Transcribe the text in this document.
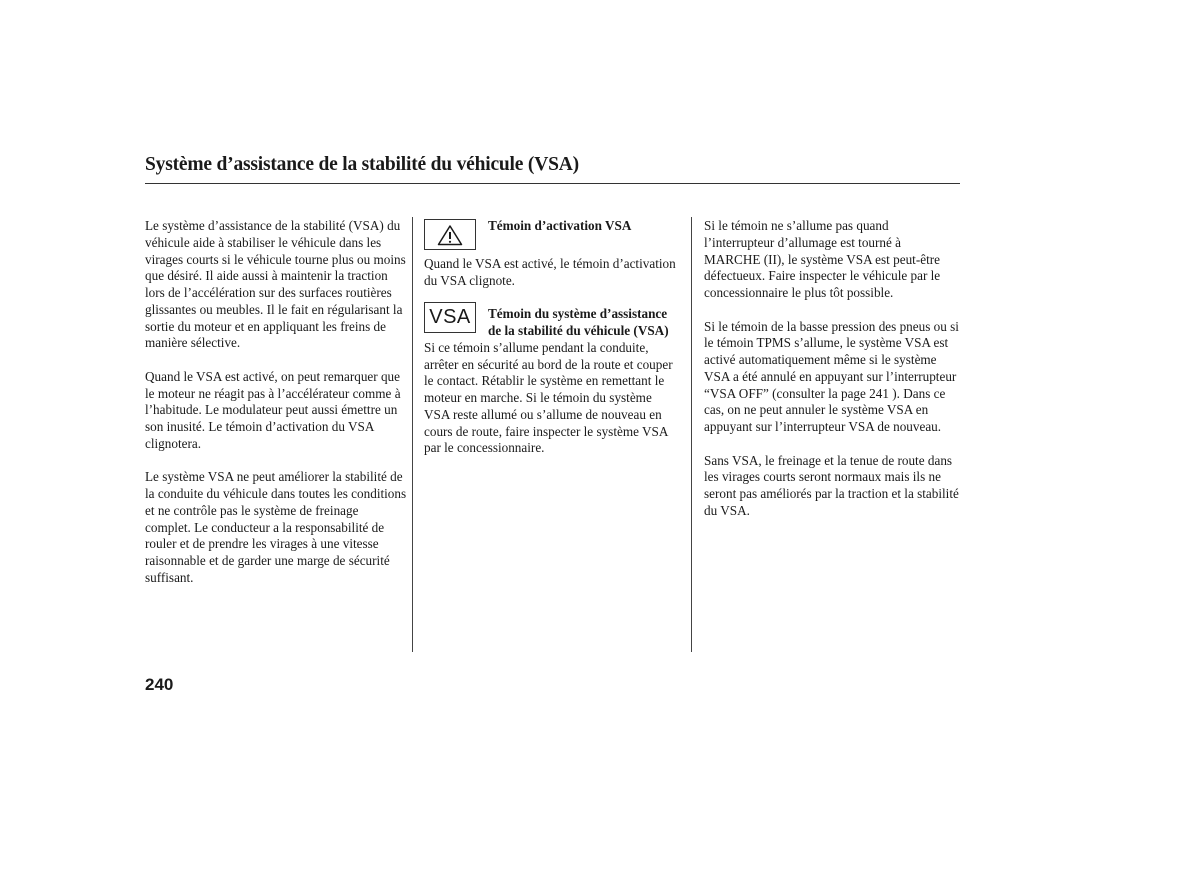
Système d’assistance de la stabilité du véhicule (VSA)

Le système d’assistance de la stabilité (VSA) du véhicule aide à stabiliser le véhicule dans les virages courts si le véhicule tourne plus ou moins que désiré. Il aide aussi à maintenir la traction lors de l’accélération sur des surfaces routières glissantes ou meubles. Il le fait en régularisant la sortie du moteur et en appliquant les freins de manière sélective.

Quand le VSA est activé, on peut remarquer que le moteur ne réagit pas à l’accélérateur comme à l’habitude. Le modulateur peut aussi émettre un son inusité. Le témoin d’activation du VSA clignotera.

Le système VSA ne peut améliorer la stabilité de la conduite du véhicule dans toutes les conditions et ne contrôle pas le système de freinage complet. Le conducteur a la responsabilité de rouler et de prendre les virages à une vitesse raisonnable et de garder une marge de sécurité suffisant.

Témoin d’activation VSA

Quand le VSA est activé, le témoin d’activation du VSA clignote.

VSA Témoin du système d’assistance de la stabilité du véhicule (VSA)

Si ce témoin s’allume pendant la conduite, arrêter en sécurité au bord de la route et couper le contact. Rétablir le système en remettant le moteur en marche. Si le témoin du système VSA reste allumé ou s’allume de nouveau en cours de route, faire inspecter le système VSA par le concessionnaire.

Si le témoin ne s’allume pas quand l’interrupteur d’allumage est tourné à MARCHE (II), le système VSA est peut-être défectueux. Faire inspecter le véhicule par le concessionnaire le plus tôt possible.

Si le témoin de la basse pression des pneus ou si le témoin TPMS s’allume, le système VSA est activé automatiquement même si le système VSA a été annulé en appuyant sur l’interrupteur “VSA OFF” (consulter la page 241 ). Dans ce cas, on ne peut annuler le système VSA en appuyant sur l’interrupteur VSA de nouveau.

Sans VSA, le freinage et la tenue de route dans les virages courts seront normaux mais ils ne seront pas améliorés par la traction et la stabilité du VSA.

240
